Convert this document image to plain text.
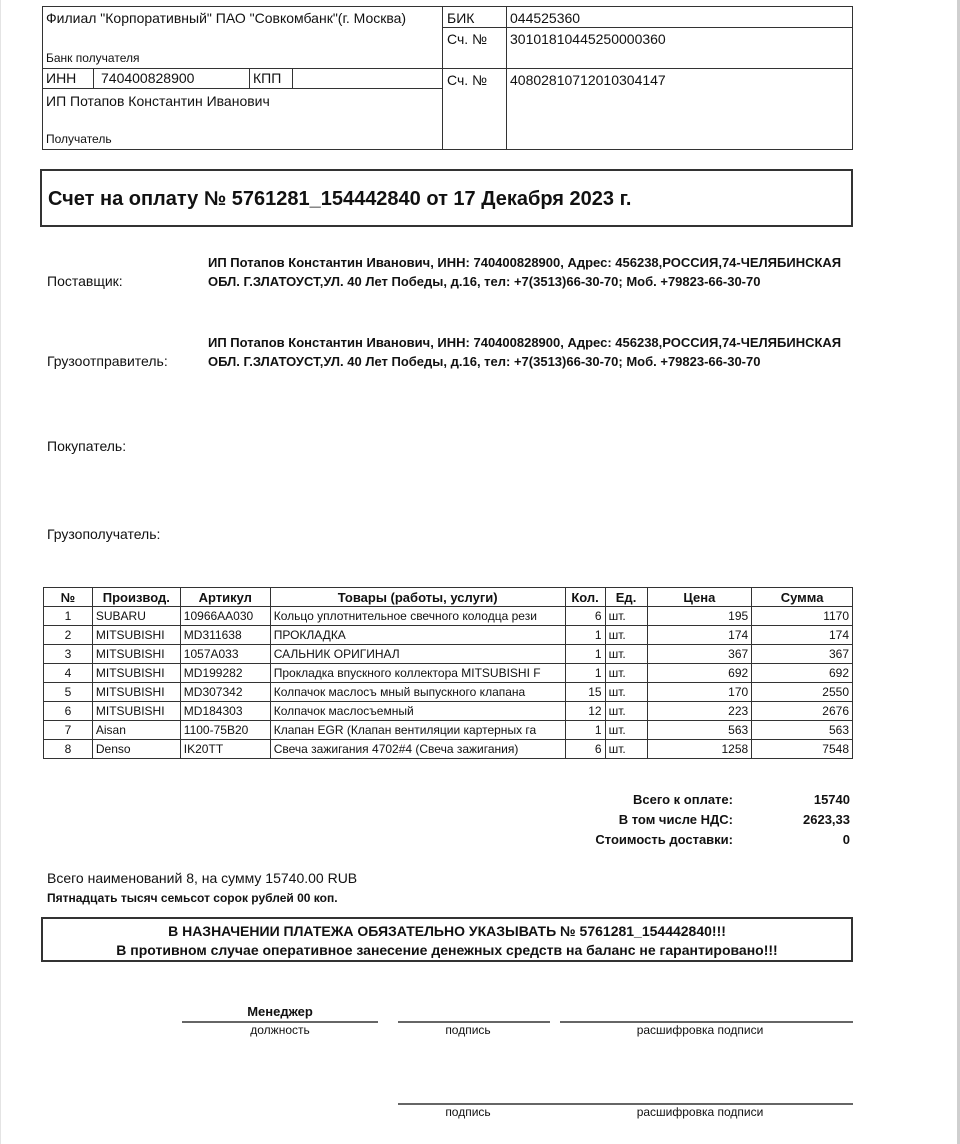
Филиал "Корпоративный" ПАО "Совкомбанк"(г. Москва)
Банк получателя
ИНН 740400828900	КПП
ИП Потапов Константин Иванович
Получатель
БИК	044525360
Сч. № 30101810445250000360
Сч. № 40802810712010304147
Счет на оплату № 5761281_154442840 от 17 Декабря 2023 г.
Поставщик:
ИП Потапов Константин Иванович, ИНН: 740400828900, Адрес: 456238,РОССИЯ,74-ЧЕЛЯБИНСКАЯ ОБЛ. Г.ЗЛАТОУСТ,УЛ. 40 Лет Победы, д.16, тел: +7(3513)66-30-70; Моб. +79823-66-30-70
Грузоотправитель:
ИП Потапов Константин Иванович, ИНН: 740400828900, Адрес: 456238,РОССИЯ,74-ЧЕЛЯБИНСКАЯ ОБЛ. Г.ЗЛАТОУСТ,УЛ. 40 Лет Победы, д.16, тел: +7(3513)66-30-70; Моб. +79823-66-30-70
Покупатель:
Грузополучатель:
№	Производ.	Артикул	Товары (работы, услуги)	Кол.	Ед.	Цена	Сумма
1	SUBARU	10966AA030	Кольцо уплотнительное свечного колодца рези	6	шт.	195	1170
2	MITSUBISHI	MD311638	ПРОКЛАДКА	1	шт.	174	174
3	MITSUBISHI	1057A033	САЛЬНИК ОРИГИНАЛ	1	шт.	367	367
4	MITSUBISHI	MD199282	Прокладка впускного коллектора MITSUBISHI F	1	шт.	692	692
5	MITSUBISHI	MD307342	Колпачок маслосъ мный выпускного клапана	15	шт.	170	2550
6	MITSUBISHI	MD184303	Колпачок маслосъемный	12	шт.	223	2676
7	Aisan	1100-75B20	Клапан EGR (Клапан вентиляции картерных га	1	шт.	563	563
8	Denso	IK20TT	Свеча зажигания 4702#4 (Свеча зажигания)	6	шт.	1258	7548
Всего к оплате:	15740
В том числе НДС:	2623,33
Стоимость доставки:	0
Всего наименований 8, на сумму 15740.00 RUB
Пятнадцать тысяч семьсот сорок рублей 00 коп.
В НАЗНАЧЕНИИ ПЛАТЕЖА ОБЯЗАТЕЛЬНО УКАЗЫВАТЬ № 5761281_154442840!!!
В противном случае оперативное занесение денежных средств на баланс не гарантировано!!!
Менеджер
должность	подпись	расшифровка подписи
подпись	расшифровка подписи
